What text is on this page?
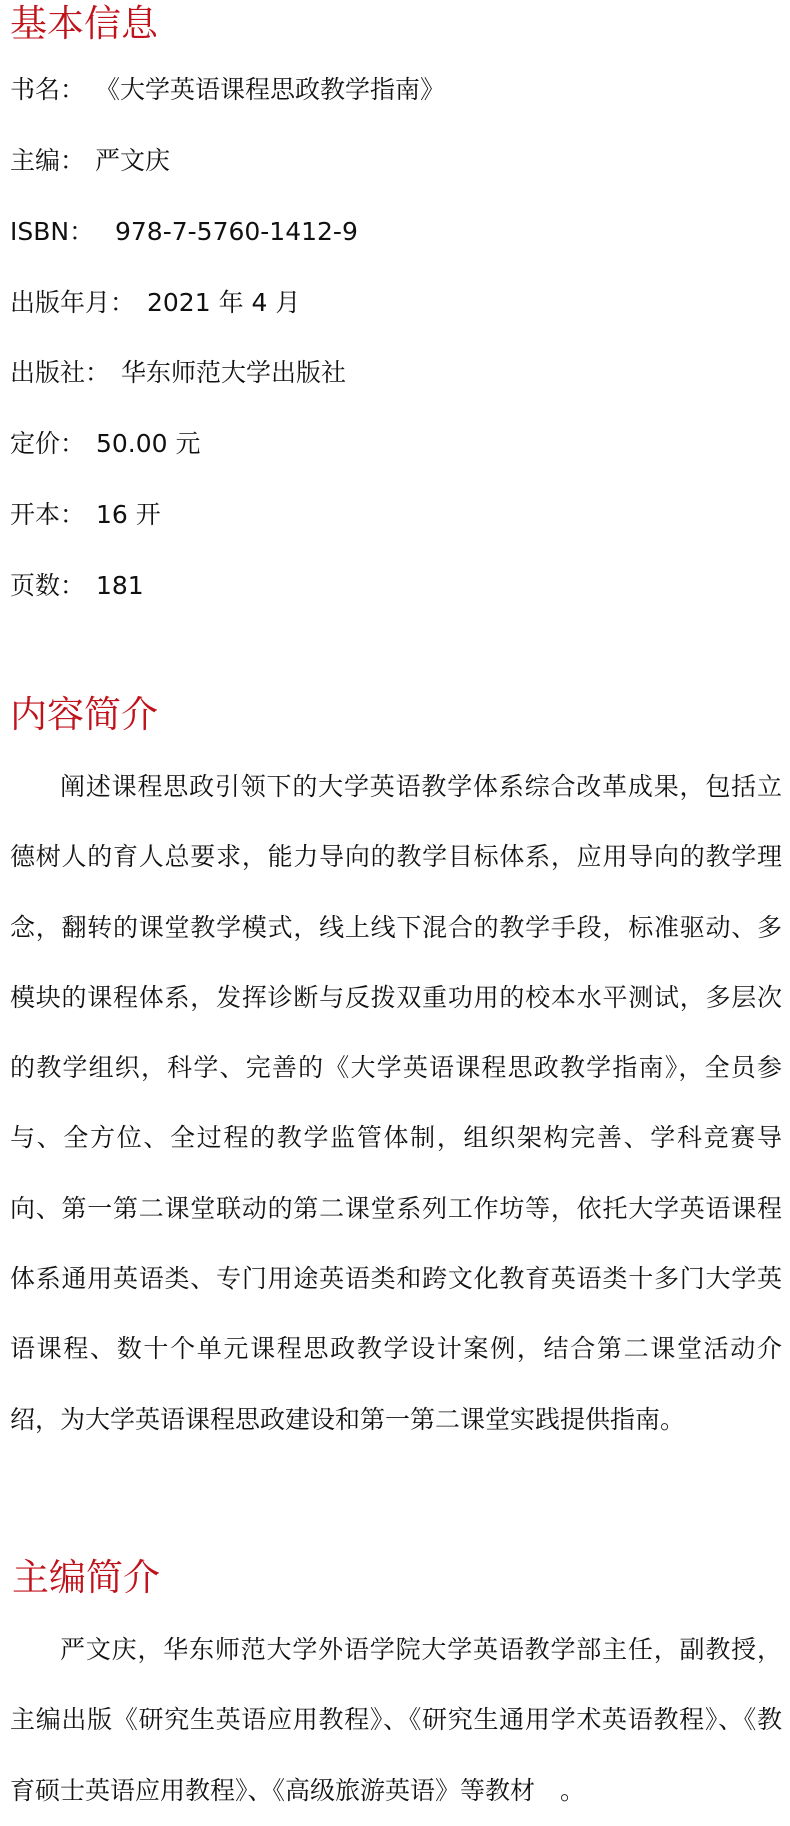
基本信息
书名： 《大学英语课程思政教学指南》
主编： 严文庆
ISBN： 978-7-5760-1412-9
出版年月： 2021 年 4 月
出版社： 华东师范大学出版社
定价： 50.00 元
开本： 16 开
页数： 181
内容简介

阐述课程思政引领下的大学英语教学体系综合改革成果，包括立德树人的育人总要求，能力导向的教学目标体系，应用导向的教学理念，翻转的课堂教学模式，线上线下混合的教学手段，标准驱动、多模块的课程体系，发挥诊断与反拨双重功用的校本水平测试，多层次的教学组织，科学、完善的《大学英语课程思政教学指南》，全员参与、全方位、全过程的教学监管体制，组织架构完善、学科竞赛导向、第一第二课堂联动的第二课堂系列工作坊等，依托大学英语课程体系通用英语类、专门用途英语类和跨文化教育英语类十多门大学英语课程、数十个单元课程思政教学设计案例，结合第二课堂活动介绍，为大学英语课程思政建设和第一第二课堂实践提供指南。

主编简介

严文庆，华东师范大学外语学院大学英语教学部主任，副教授，主编出版《研究生英语应用教程》、《研究生通用学术英语教程》、《教育硕士英语应用教程》、《高级旅游英语》等教材　。
